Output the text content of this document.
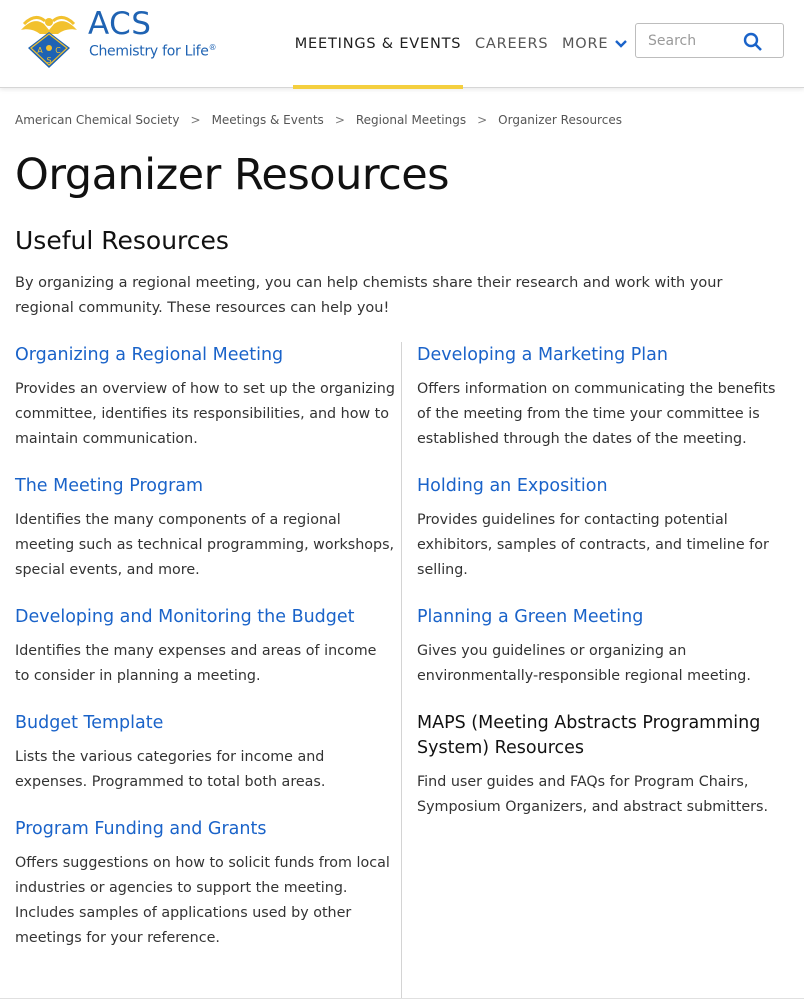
A C
S
ACS
Chemistry for Life®	MEETINGS & EVENTS CAREERS MORE
Search
American Chemical Society > Meetings & Events > Regional Meetings > Organizer Resources
Organizer Resources
Useful Resources

By organizing a regional meeting, you can help chemists share their research and work with your regional community. These resources can help you!

Organizing a Regional Meeting

Provides an overview of how to set up the organizing committee, identifies its responsibilities, and how to maintain communication.

The Meeting Program

Identifies the many components of a regional meeting such as technical programming, workshops, special events, and more.

Developing and Monitoring the Budget

Identifies the many expenses and areas of income to consider in planning a meeting.

Budget Template

Lists the various categories for income and expenses. Programmed to total both areas.

Program Funding and Grants

Offers suggestions on how to solicit funds from local industries or agencies to support the meeting. Includes samples of applications used by other meetings for your reference.

Developing a Marketing Plan

Offers information on communicating the benefits of the meeting from the time your committee is established through the dates of the meeting.

Holding an Exposition

Provides guidelines for contacting potential exhibitors, samples of contracts, and timeline for selling.

Planning a Green Meeting

Gives you guidelines or organizing an environmentally-responsible regional meeting.

MAPS (Meeting Abstracts Programming System) Resources

Find user guides and FAQs for Program Chairs, Symposium Organizers, and abstract submitters.
